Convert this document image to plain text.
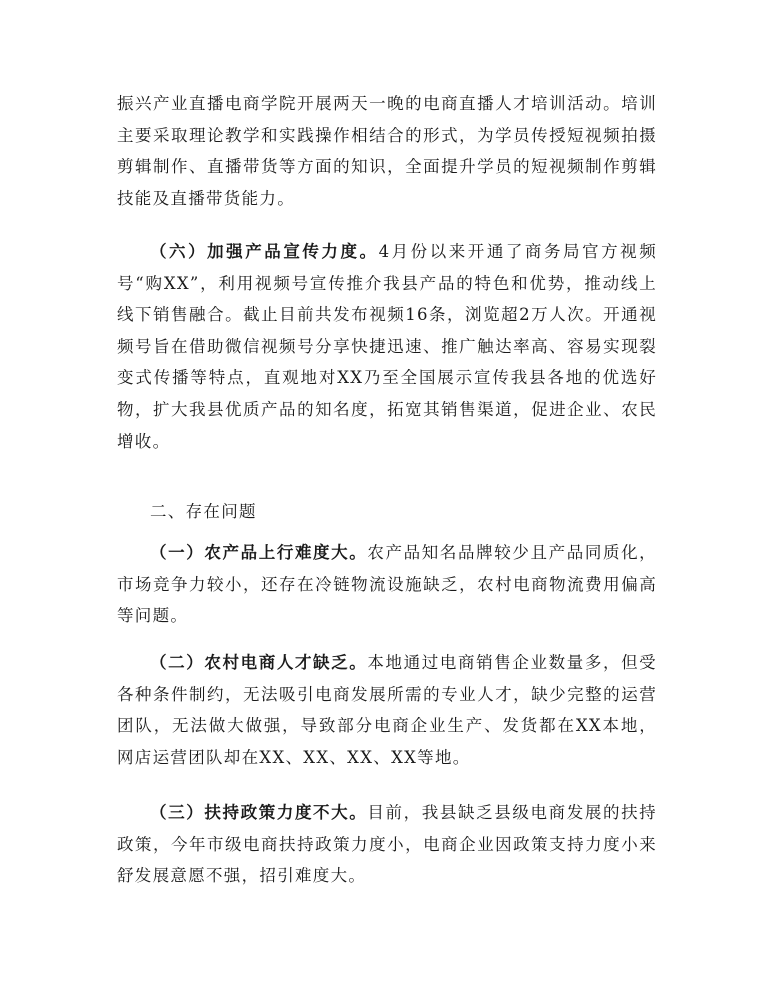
振兴产业直播电商学院开展两天一晚的电商直播人才培训活动。培训主要采取理论教学和实践操作相结合的形式，为学员传授短视频拍摄剪辑制作、直播带货等方面的知识，全面提升学员的短视频制作剪辑技能及直播带货能力。

（六）加强产品宣传力度。4月份以来开通了商务局官方视频号“购XX”，利用视频号宣传推介我县产品的特色和优势，推动线上线下销售融合。截止目前共发布视频16条，浏览超2万人次。开通视频号旨在借助微信视频号分享快捷迅速、推广触达率高、容易实现裂变式传播等特点，直观地对XX乃至全国展示宣传我县各地的优选好物，扩大我县优质产品的知名度，拓宽其销售渠道，促进企业、农民增收。

二、存在问题

（一）农产品上行难度大。农产品知名品牌较少且产品同质化，市场竞争力较小，还存在冷链物流设施缺乏，农村电商物流费用偏高等问题。

（二）农村电商人才缺乏。本地通过电商销售企业数量多，但受各种条件制约，无法吸引电商发展所需的专业人才，缺少完整的运营团队，无法做大做强，导致部分电商企业生产、发货都在XX本地，网店运营团队却在XX、XX、XX、XX等地。

（三）扶持政策力度不大。目前，我县缺乏县级电商发展的扶持政策，今年市级电商扶持政策力度小，电商企业因政策支持力度小来舒发展意愿不强，招引难度大。
